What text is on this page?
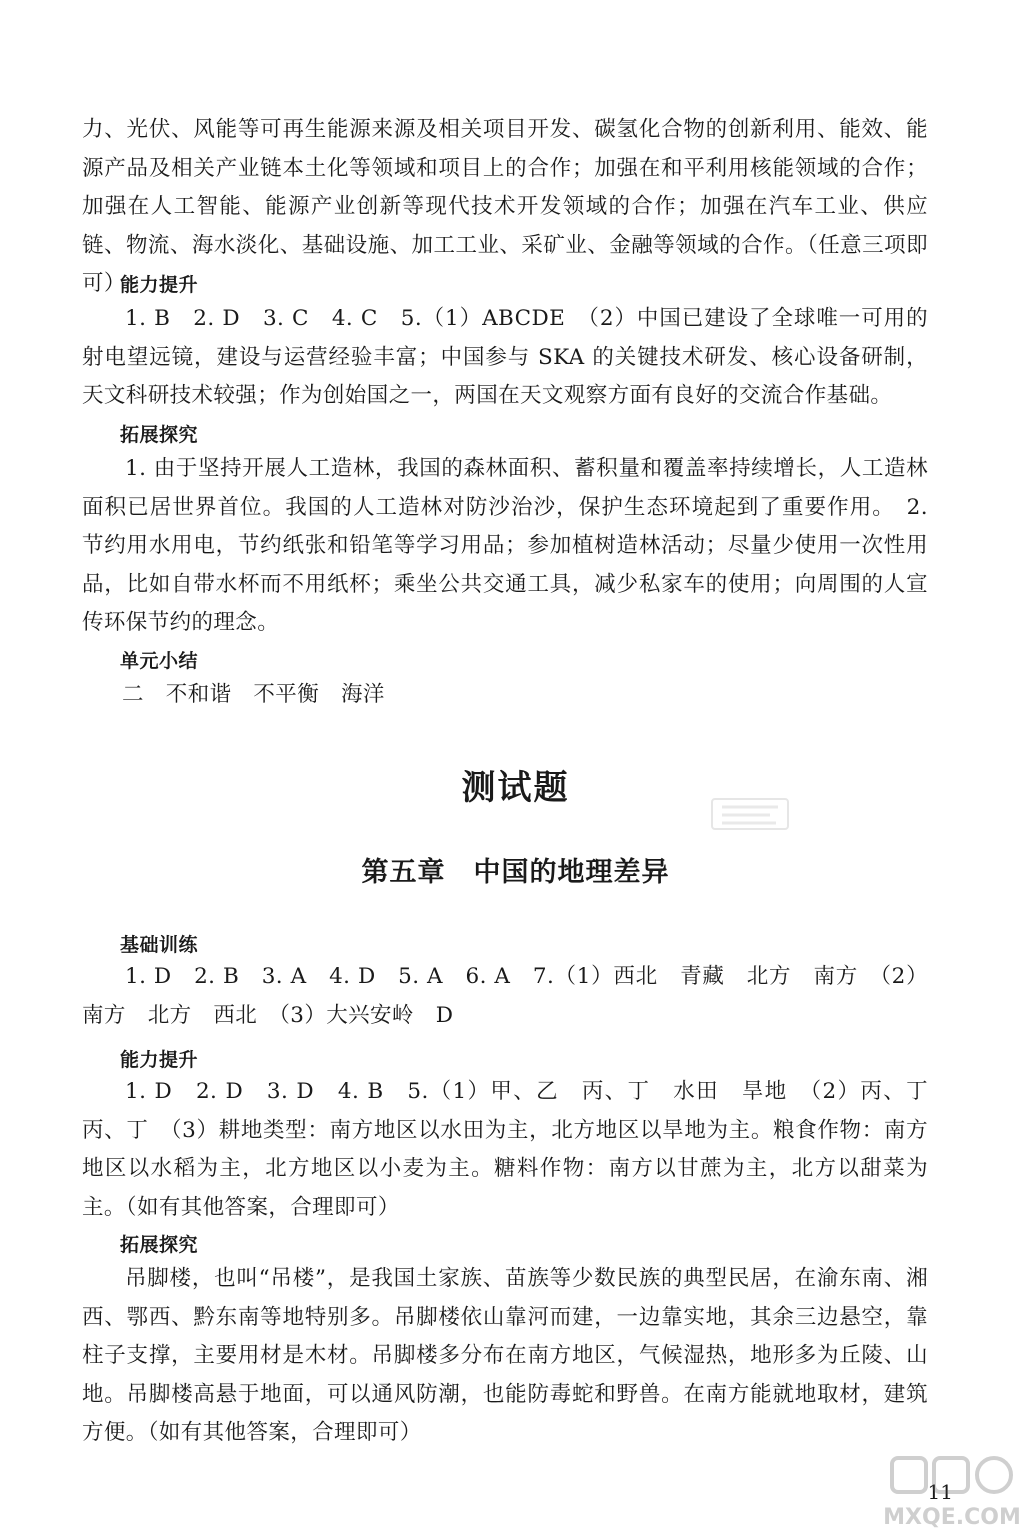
力、光伏、风能等可再生能源来源及相关项目开发、碳氢化合物的创新利用、能效、能源产品及相关产业链本土化等领域和项目上的合作；加强在和平利用核能领域的合作；加强在人工智能、能源产业创新等现代技术开发领域的合作；加强在汽车工业、供应链、物流、海水淡化、基础设施、加工工业、采矿业、金融等领域的合作。（任意三项即可）

能力提升

1. B　2. D　3. C　4. C　5.（1）ABCDE　（2）中国已建设了全球唯一可用的射电望远镜，建设与运营经验丰富；中国参与 SKA 的关键技术研发、核心设备研制，天文科研技术较强；作为创始国之一，两国在天文观察方面有良好的交流合作基础。

拓展探究

1. 由于坚持开展人工造林，我国的森林面积、蓄积量和覆盖率持续增长，人工造林面积已居世界首位。我国的人工造林对防沙治沙，保护生态环境起到了重要作用。　2. 节约用水用电，节约纸张和铅笔等学习用品；参加植树造林活动；尽量少使用一次性用品，比如自带水杯而不用纸杯；乘坐公共交通工具，减少私家车的使用；向周围的人宣传环保节约的理念。

单元小结

二　不和谐　不平衡　海洋

测试题

第五章　中国的地理差异

基础训练

1. D　2. B　3. A　4. D　5. A　6. A　7.（1）西北　青藏　北方　南方　（2）南方　北方　西北　（3）大兴安岭　D

能力提升

1. D　2. D　3. D　4. B　5.（1）甲、乙　丙、丁　水田　旱地　（2）丙、丁　丙、丁　（3）耕地类型：南方地区以水田为主，北方地区以旱地为主。粮食作物：南方地区以水稻为主，北方地区以小麦为主。糖料作物：南方以甘蔗为主，北方以甜菜为主。（如有其他答案，合理即可）

拓展探究

吊脚楼，也叫“吊楼”，是我国土家族、苗族等少数民族的典型民居，在渝东南、湘西、鄂西、黔东南等地特别多。吊脚楼依山靠河而建，一边靠实地，其余三边悬空，靠柱子支撑，主要用材是木材。吊脚楼多分布在南方地区，气候湿热，地形多为丘陵、山地。吊脚楼高悬于地面，可以通风防潮，也能防毒蛇和野兽。在南方能就地取材，建筑方便。（如有其他答案，合理即可）

11

MXQE.COM
